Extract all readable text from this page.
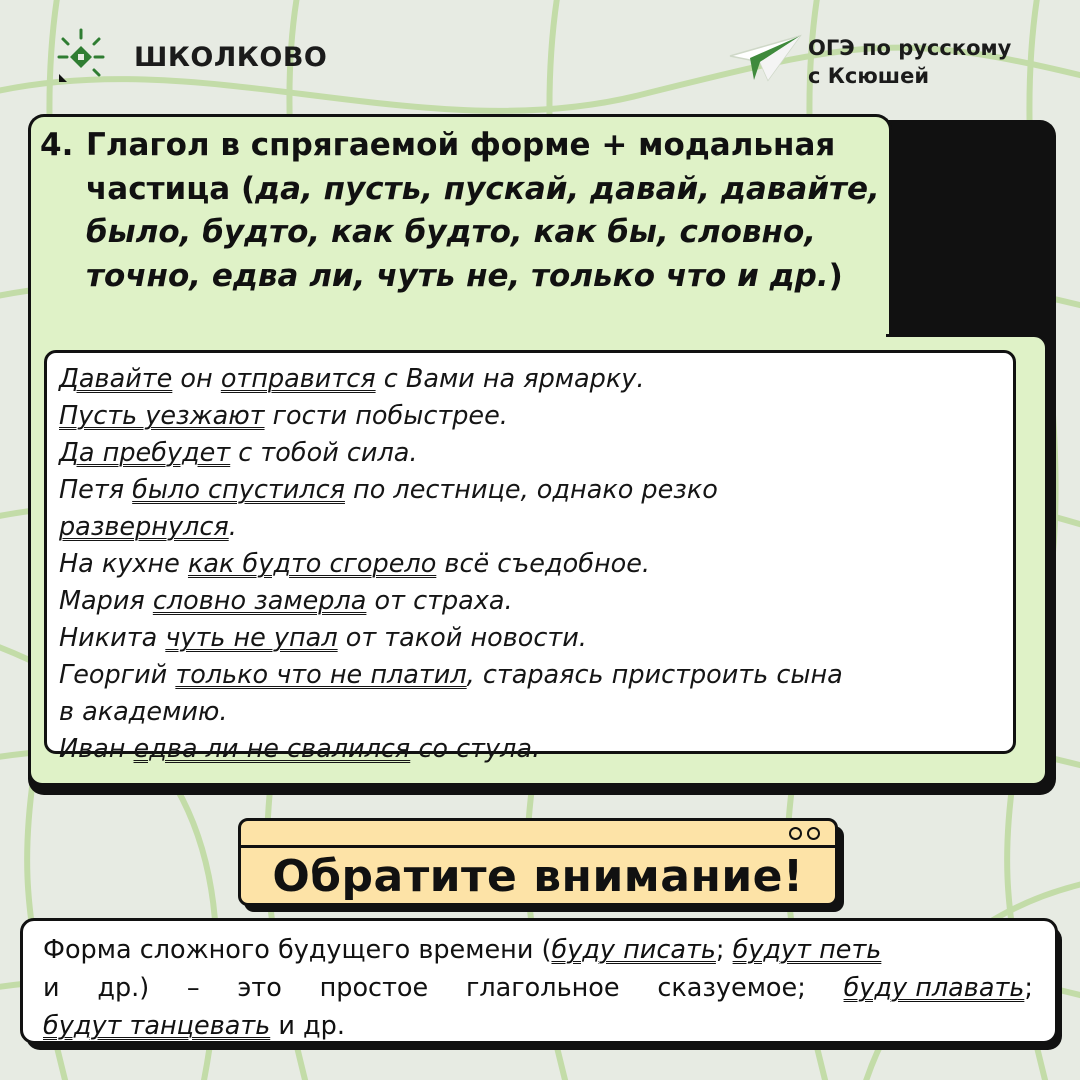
ШКОЛКОВО	ОГЭ по русскому
с Ксюшей
4. Глагол в спрягаемой форме + модальная частица (да, пусть, пускай, давай, давайте, было, будто, как будто, как бы, словно, точно, едва ли, чуть не, только что и др.)
Давайте он отправится с Вами на ярмарку.
Пусть уезжают гости побыстрее.
Да пребудет с тобой сила.
Петя было спустился по лестнице, однако резко
развернулся.
На кухне как будто сгорело всё съедобное.
Мария словно замерла от страха.
Никита чуть не упал от такой новости.
Георгий только что не платил, стараясь пристроить сына
в академию.
Иван едва ли не свалился со стула.
Обратите внимание!
Форма сложного будущего времени (буду писать; будут петь
и др.) – это простое глагольное сказуемое; буду плавать;
будут танцевать и др.
